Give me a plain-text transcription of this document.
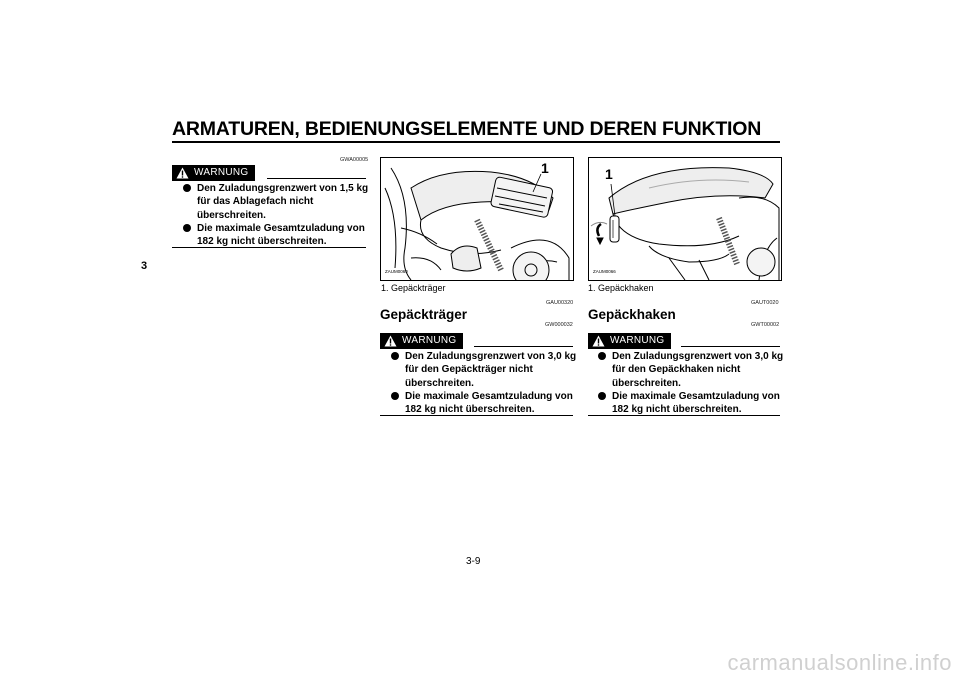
ARMATUREN, BEDIENUNGSELEMENTE UND DEREN FUNKTION
3
GWA00005
WARNUNG
Den Zuladungsgrenzwert von 1,5 kg für das Ablagefach nicht überschreiten.
Die maximale Gesamtzuladung von 182 kg nicht überschreiten.
1
ZAUM0060
1. Gepäckträger
GAU00320
Gepäckträger
GW000032
WARNUNG
Den Zuladungsgrenzwert von 3,0 kg für den Gepäckträger nicht überschreiten.
Die maximale Gesamtzuladung von 182 kg nicht überschreiten.
1
ZAUM0066
1. Gepäckhaken
GAUT0020
Gepäckhaken
GWT00002
WARNUNG
Den Zuladungsgrenzwert von 3,0 kg für den Gepäckhaken nicht überschreiten.
Die maximale Gesamtzuladung von 182 kg nicht überschreiten.
3-9
carmanualsonline.info
